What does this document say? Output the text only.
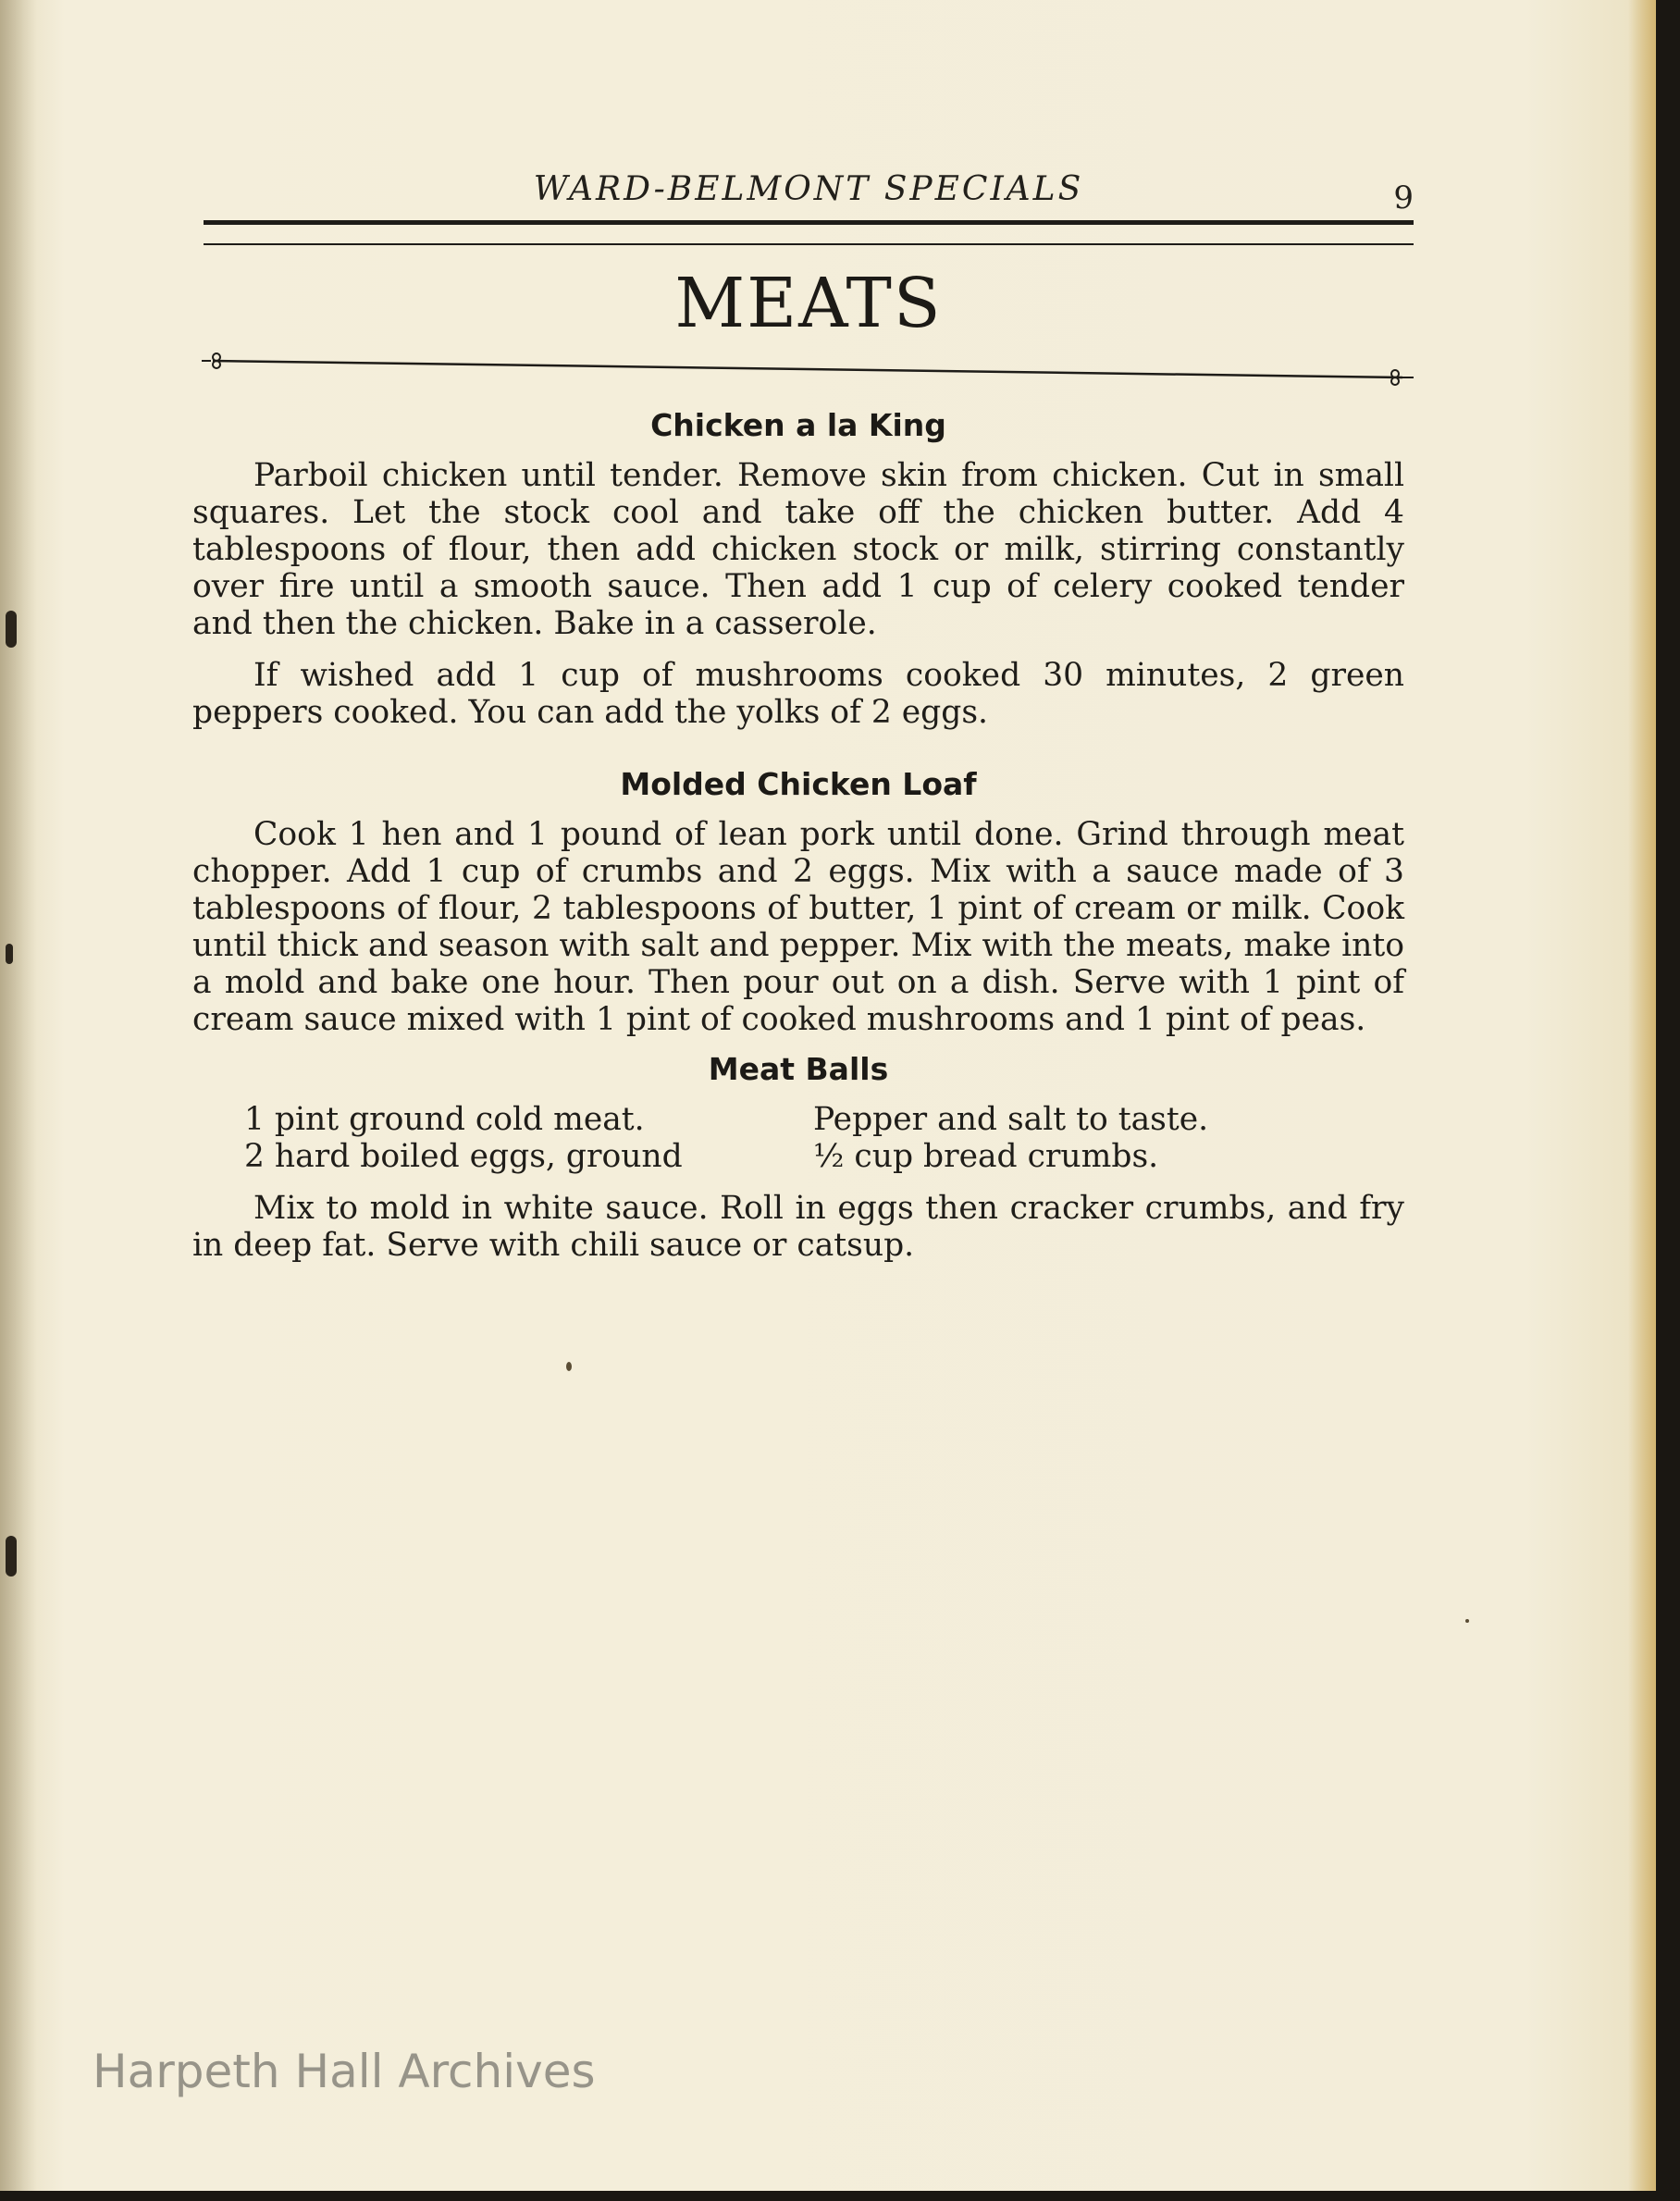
WARD-BELMONT SPECIALS	9
MEATS
Chicken a la King

Parboil chicken until tender. Remove skin from chicken. Cut in small squares. Let the stock cool and take off the chicken butter. Add 4 tablespoons of flour, then add chicken stock or milk, stirring constantly over fire until a smooth sauce. Then add 1 cup of celery cooked tender and then the chicken. Bake in a casserole.

If wished add 1 cup of mushrooms cooked 30 minutes, 2 green peppers cooked. You can add the yolks of 2 eggs.

Molded Chicken Loaf

Cook 1 hen and 1 pound of lean pork until done. Grind through meat chopper. Add 1 cup of crumbs and 2 eggs. Mix with a sauce made of 3 tablespoons of flour, 2 tablespoons of butter, 1 pint of cream or milk. Cook until thick and season with salt and pepper. Mix with the meats, make into a mold and bake one hour. Then pour out on a dish. Serve with 1 pint of cream sauce mixed with 1 pint of cooked mushrooms and 1 pint of peas.

Meat Balls

1 pint ground cold meat.	Pepper and salt to taste.

2 hard boiled eggs, ground	½ cup bread crumbs.

Mix to mold in white sauce. Roll in eggs then cracker crumbs, and fry in deep fat. Serve with chili sauce or catsup.

Harpeth Hall Archives
